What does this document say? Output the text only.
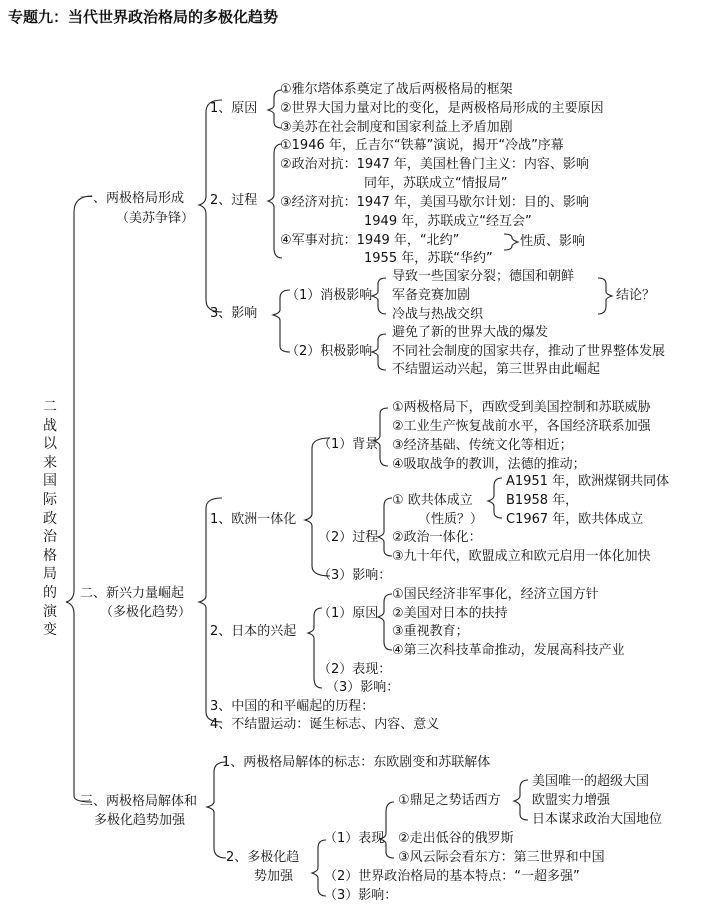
专题九：当代世界政治格局的多极化趋势
二战以来国际政治格局的演变
一、两极格局形成
（美苏争锋）
1、原因
①雅尔塔体系奠定了战后两极格局的框架
②世界大国力量对比的变化，是两极格局形成的主要原因
③美苏在社会制度和国家利益上矛盾加剧
2、过程
①1946 年，丘吉尔“铁幕”演说，揭开“冷战”序幕
②政治对抗：1947 年，美国杜鲁门主义：内容、影响
同年，苏联成立“情报局”
③经济对抗：1947 年，美国马歇尔计划：目的、影响
1949 年，苏联成立“经互会”
④军事对抗：1949 年，“北约”
1955 年，苏联“华约”
性质、影响
3、影响
（1）消极影响
导致一些国家分裂；德国和朝鲜
军备竞赛加剧
冷战与热战交织
结论？
（2）积极影响
避免了新的世界大战的爆发
不同社会制度的国家共存，推动了世界整体发展
不结盟运动兴起，第三世界由此崛起
二、新兴力量崛起
（多极化趋势）
1、欧洲一体化
（1）背景
①两极格局下，西欧受到美国控制和苏联威胁
②工业生产恢复战前水平，各国经济联系加强
③经济基础、传统文化等相近；
④吸取战争的教训，法德的推动；
（2）过程
① 欧共体成立
（性质？）
A1951 年，欧洲煤钢共同体
B1958 年，
C1967 年，欧共体成立
②政治一体化：
③九十年代，欧盟成立和欧元启用一体化加快
（3）影响：
2、日本的兴起
（1）原因
①国民经济非军事化，经济立国方针
②美国对日本的扶持
③重视教育；
④第三次科技革命推动，发展高科技产业
（2）表现：
（3）影响：
3、中国的和平崛起的历程：
4、不结盟运动：诞生标志、内容、意义
三、两极格局解体和
多极化趋势加强
1、两极格局解体的标志：东欧剧变和苏联解体
2、多极化趋
势加强
（1）表现
①鼎足之势话西方
美国唯一的超级大国
欧盟实力增强
日本谋求政治大国地位
②走出低谷的俄罗斯
③风云际会看东方：第三世界和中国
（2）世界政治格局的基本特点：“一超多强”
（3）影响：
